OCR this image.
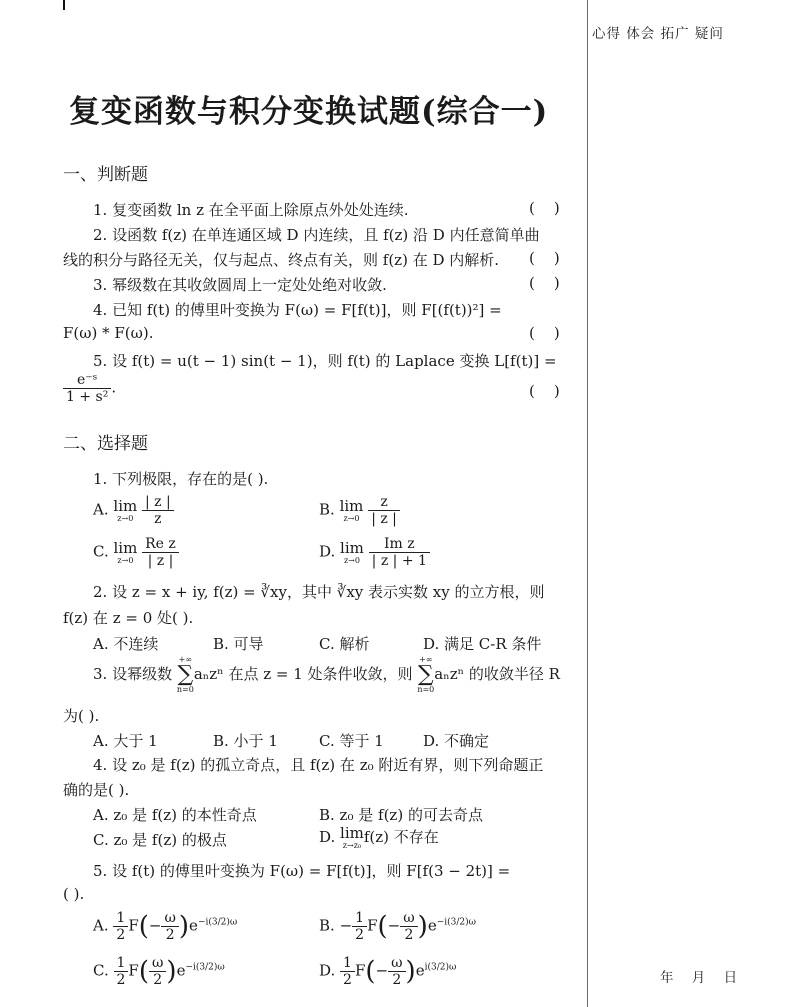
心得 体会 拓广 疑问
年 月 日
复变函数与积分变换试题(综合一)
一、判断题
1. 复变函数 ln z 在全平面上除原点外处处连续.	(    )
2. 设函数 f(z) 在单连通区域 D 内连续，且 f(z) 沿 D 内任意简单曲
线的积分与路径无关，仅与起点、终点有关，则 f(z) 在 D 内解析. (    )
3. 幂级数在其收敛圆周上一定处处绝对收敛.	(    )
4. 已知 f(t) 的傅里叶变换为 F(ω) = F[f(t)]，则 F[(f(t))²] =
F(ω) * F(ω).	(    )
5. 设 f(t) = u(t − 1) sin(t − 1)，则 f(t) 的 Laplace 变换 L[f(t)] =
$\frac{\text{e⁻ˢ}}{\text{1 + s²}}$ .	(    )
二、选择题
1. 下列极限，存在的是( ).
A. lim
z→0
$\frac{| z |}{z}$	B. lim
z→0
$\frac{z}{| z |}$
C. lim
z→0
$\frac{\text{Re z}}{| z |}$	D. lim
z→0
$\frac{\text{Im z}}{| z | + 1}$
2. 设 z = x + iy, f(z) = ∛xy，其中 ∛xy 表示实数 xy 的立方根，则
f(z) 在 z = 0 处( ).
A. 不连续	B. 可导	C. 解析	D. 满足 C-R 条件
3. 设幂级数
+∞
∑
n=0
aₙzⁿ 在点 z = 1 处条件收敛，则
+∞
∑
n=0
aₙzⁿ 的收敛半径 R
为( ).
A. 大于 1	B. 小于 1	C. 等于 1	D. 不确定
4. 设 z₀ 是 f(z) 的孤立奇点，且 f(z) 在 z₀ 附近有界，则下列命题正
确的是( ).
A. z₀ 是 f(z) 的本性奇点	B. z₀ 是 f(z) 的可去奇点
C. z₀ 是 f(z) 的极点	D. lim
z→z₀ f(z) 不存在
5. 设 f(t) 的傅里叶变换为 F(ω) = F[f(t)]，则 F[f(3 − 2t)] =
( ).
A. $\frac{1}{2} F(- \frac{\omega}{2} )e^{-i(3/2)\omega}$	B. − $\frac{1}{2} F(- \frac{\omega}{2} )e^{-i(3/2)\omega}$
C. $\frac{1}{2} F( \frac{\omega}{2} )e^{-i(3/2)\omega}$	D. $\frac{1}{2} F(- \frac{\omega}{2} )e^{i(3/2)\omega}$
